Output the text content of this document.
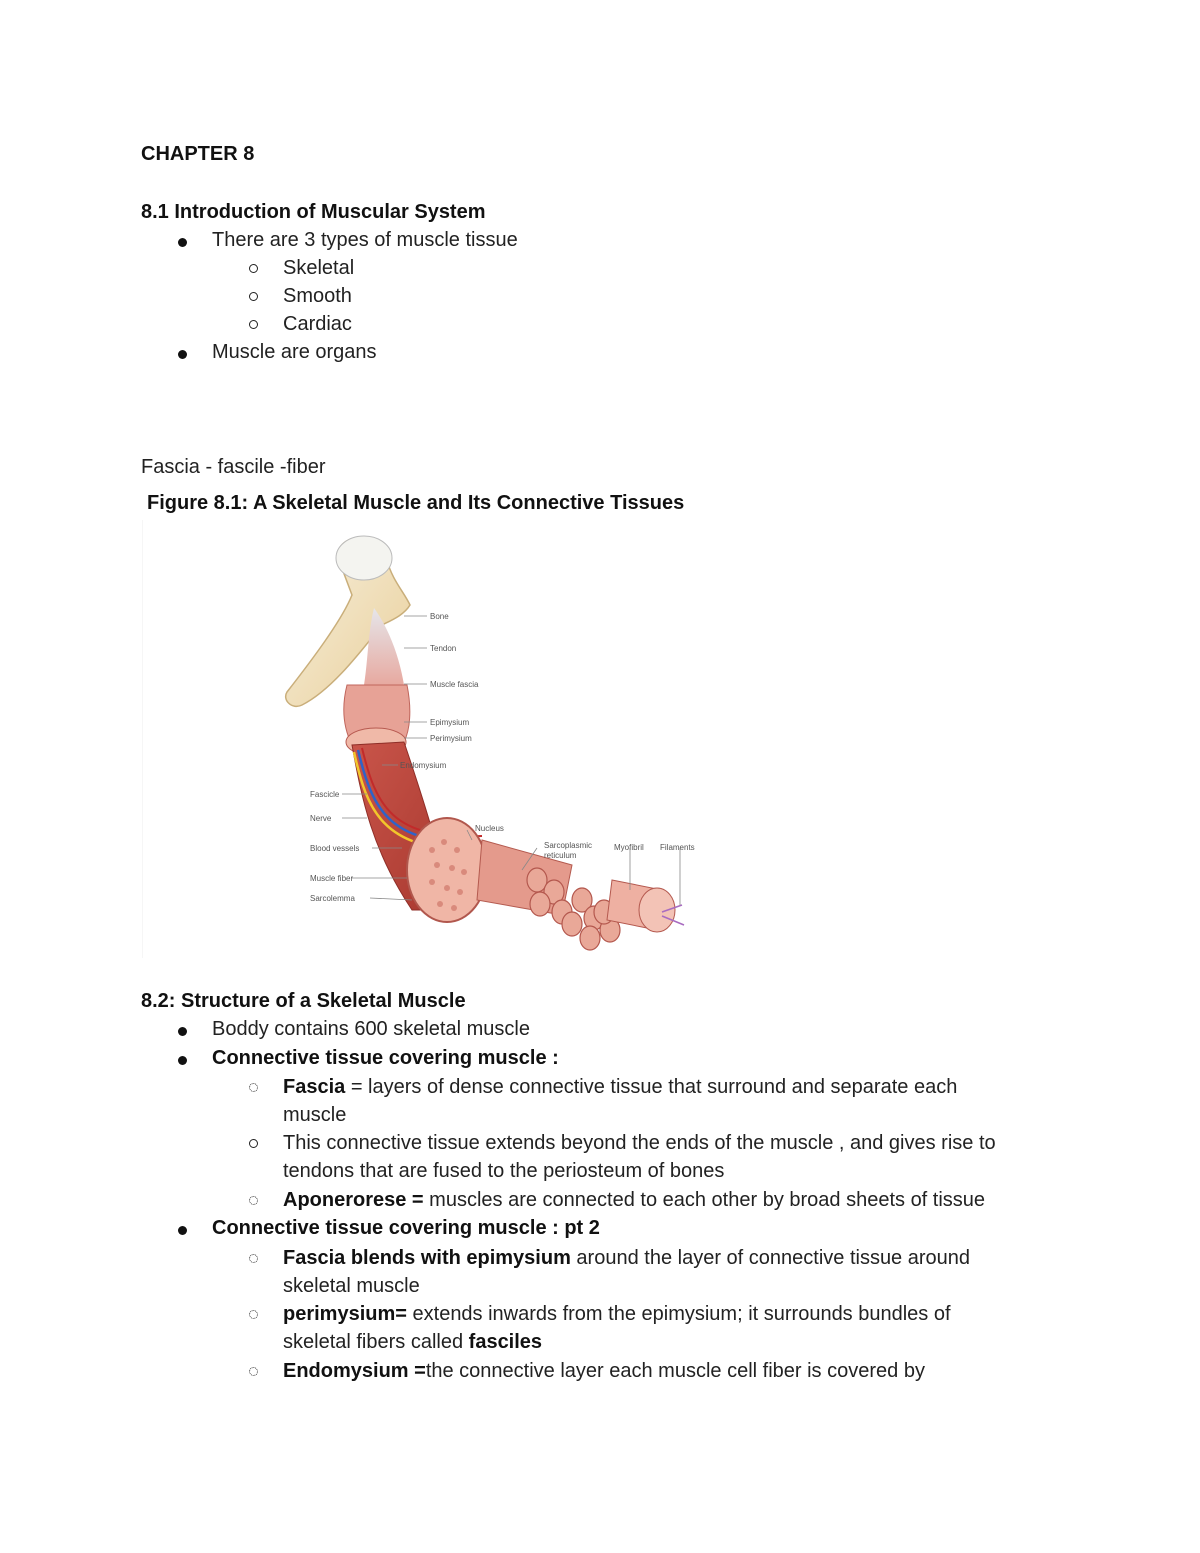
CHAPTER 8
8.1 Introduction of Muscular System
There are 3 types of muscle tissue
Skeletal
Smooth
Cardiac
Muscle are organs
Fascia - fascile -fiber
Figure 8.1: A Skeletal Muscle and Its Connective Tissues
Bone
Tendon
Muscle fascia
Epimysium
Perimysium
Endomysium
Fascicle
Nerve
Blood vessels
Muscle fiber
Sarcolemma
Nucleus
Sarcoplasmic
reticulum
Myofibril Filaments
8.2: Structure of a Skeletal Muscle
Boddy contains 600 skeletal muscle
Connective tissue covering muscle :
Fascia = layers of dense connective tissue that surround and separate each
muscle
This connective tissue extends beyond the ends of the muscle , and gives rise to
tendons that are fused to the periosteum of bones
Aponerorese = muscles are connected to each other by broad sheets of tissue
Connective tissue covering muscle : pt 2
Fascia blends with epimysium around the layer of connective tissue around
skeletal muscle
perimysium= extends inwards from the epimysium; it surrounds bundles of
skeletal fibers called fasciles
Endomysium =the connective layer each muscle cell fiber is covered by
